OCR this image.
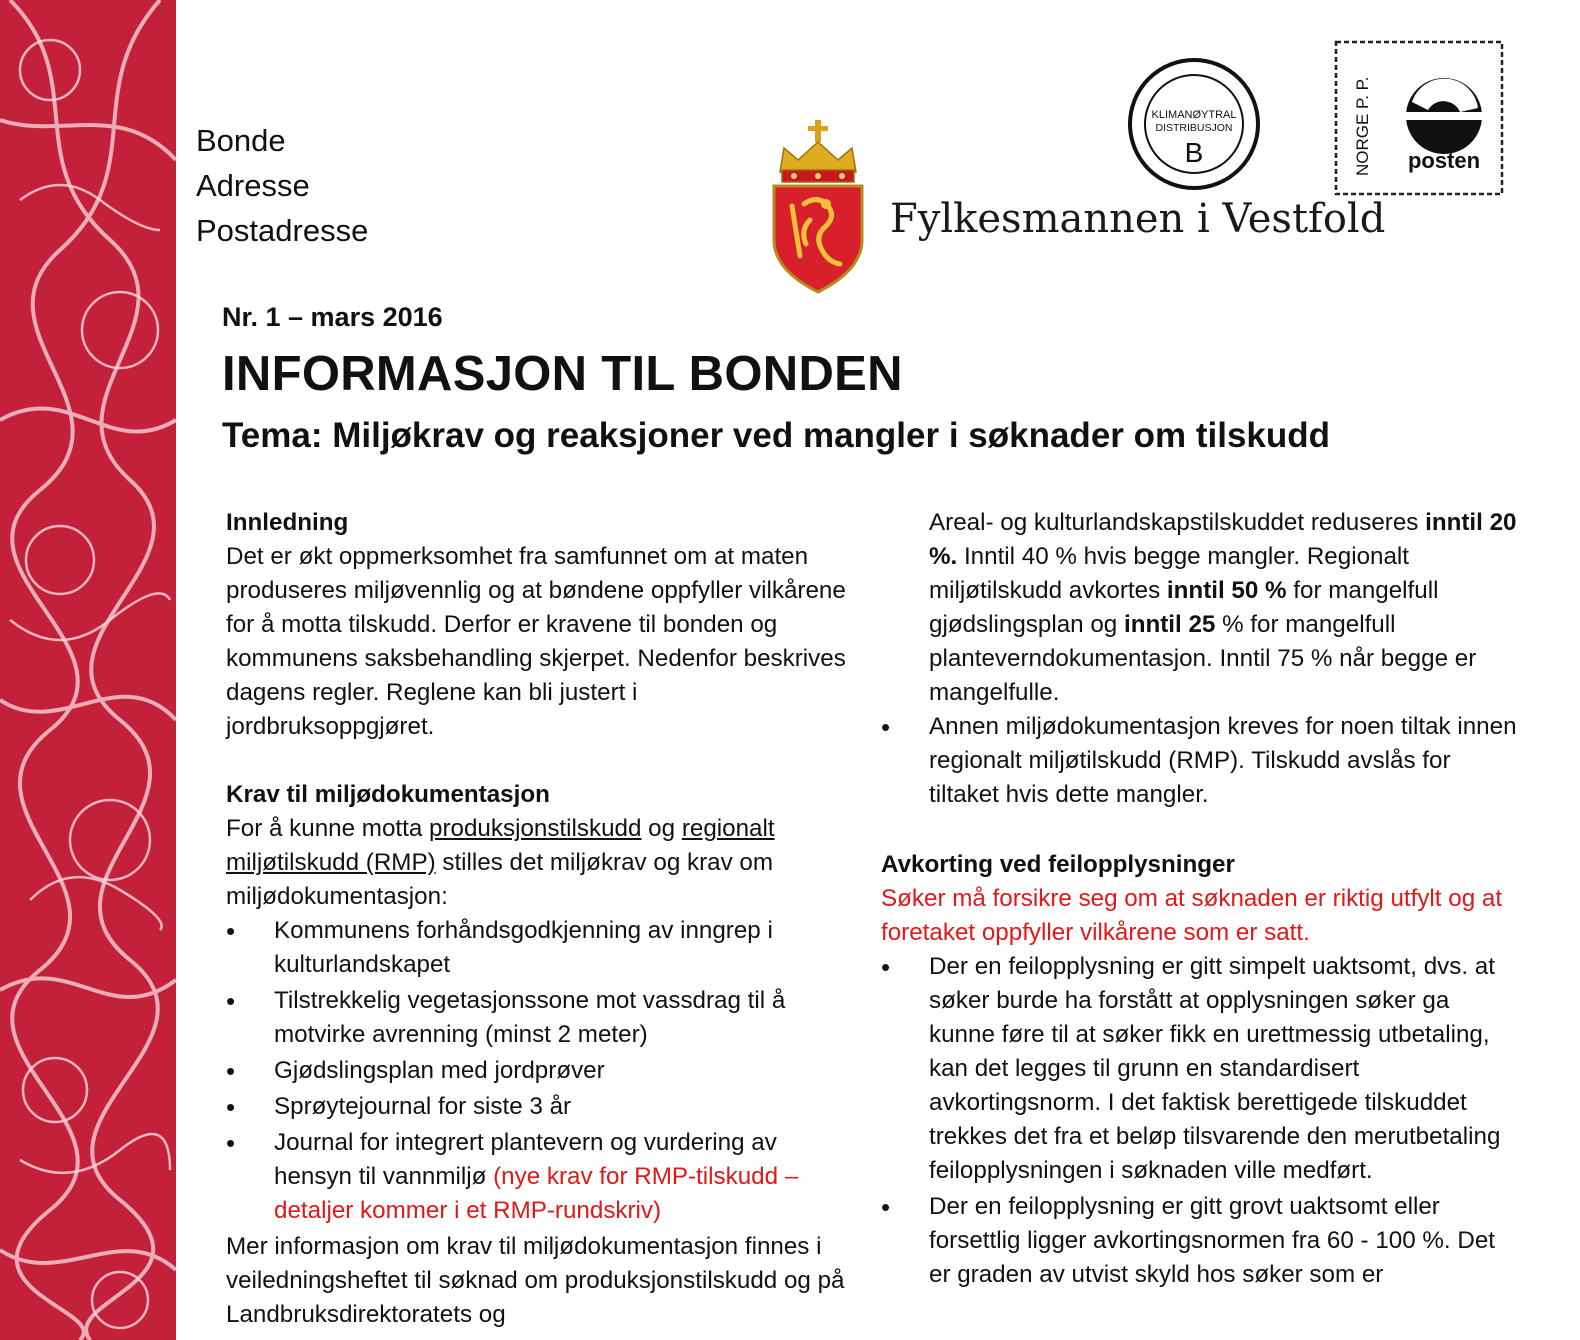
Bonde
Adresse
Postadresse	Fylkesmannen i Vestfold
KLIMANØYTRAL
DISTRIBUSJON
B	NORGE P. P. posten
Nr. 1 – mars 2016
INFORMASJON TIL BONDEN
Tema: Miljøkrav og reaksjoner ved mangler i søknader om tilskudd

Innledning

Det er økt oppmerksomhet fra samfunnet om at maten produseres miljøvennlig og at bøndene oppfyller vilkårene for å motta tilskudd. Derfor er kravene til bonden og kommunens saksbehandling skjerpet. Nedenfor beskrives dagens regler. Reglene kan bli justert i jordbruksoppgjøret.

Krav til miljødokumentasjon

For å kunne motta produksjonstilskudd og regionalt miljøtilskudd (RMP) stilles det miljøkrav og krav om miljødokumentasjon:

• Kommunens forhåndsgodkjenning av inngrep i kulturlandskapet
• Tilstrekkelig vegetasjonssone mot vassdrag til å motvirke avrenning (minst 2 meter)
• Gjødslingsplan med jordprøver
• Sprøytejournal for siste 3 år
• Journal for integrert plantevern og vurdering av hensyn til vannmiljø (nye krav for RMP-tilskudd – detaljer kommer i et RMP-rundskriv)

Mer informasjon om krav til miljødokumentasjon finnes i veiledningsheftet til søknad om produksjonstilskudd og på Landbruksdirektoratets og

Areal- og kulturlandskapstilskuddet reduseres inntil 20 %. Inntil 40 % hvis begge mangler. Regionalt miljøtilskudd avkortes inntil 50 % for mangelfull gjødslingsplan og inntil 25 % for mangelfull planteverndokumentasjon. Inntil 75 % når begge er mangelfulle.

• Annen miljødokumentasjon kreves for noen tiltak innen regionalt miljøtilskudd (RMP). Tilskudd avslås for tiltaket hvis dette mangler.

Avkorting ved feilopplysninger

Søker må forsikre seg om at søknaden er riktig utfylt og at foretaket oppfyller vilkårene som er satt.

• Der en feilopplysning er gitt simpelt uaktsomt, dvs. at søker burde ha forstått at opplysningen søker ga kunne føre til at søker fikk en urettmessig utbetaling, kan det legges til grunn en standardisert avkortingsnorm. I det faktisk berettigede tilskuddet trekkes det fra et beløp tilsvarende den merutbetaling feilopplysningen i søknaden ville medført.
• Der en feilopplysning er gitt grovt uaktsomt eller forsettlig ligger avkortingsnormen fra 60 - 100 %. Det er graden av utvist skyld hos søker som er
